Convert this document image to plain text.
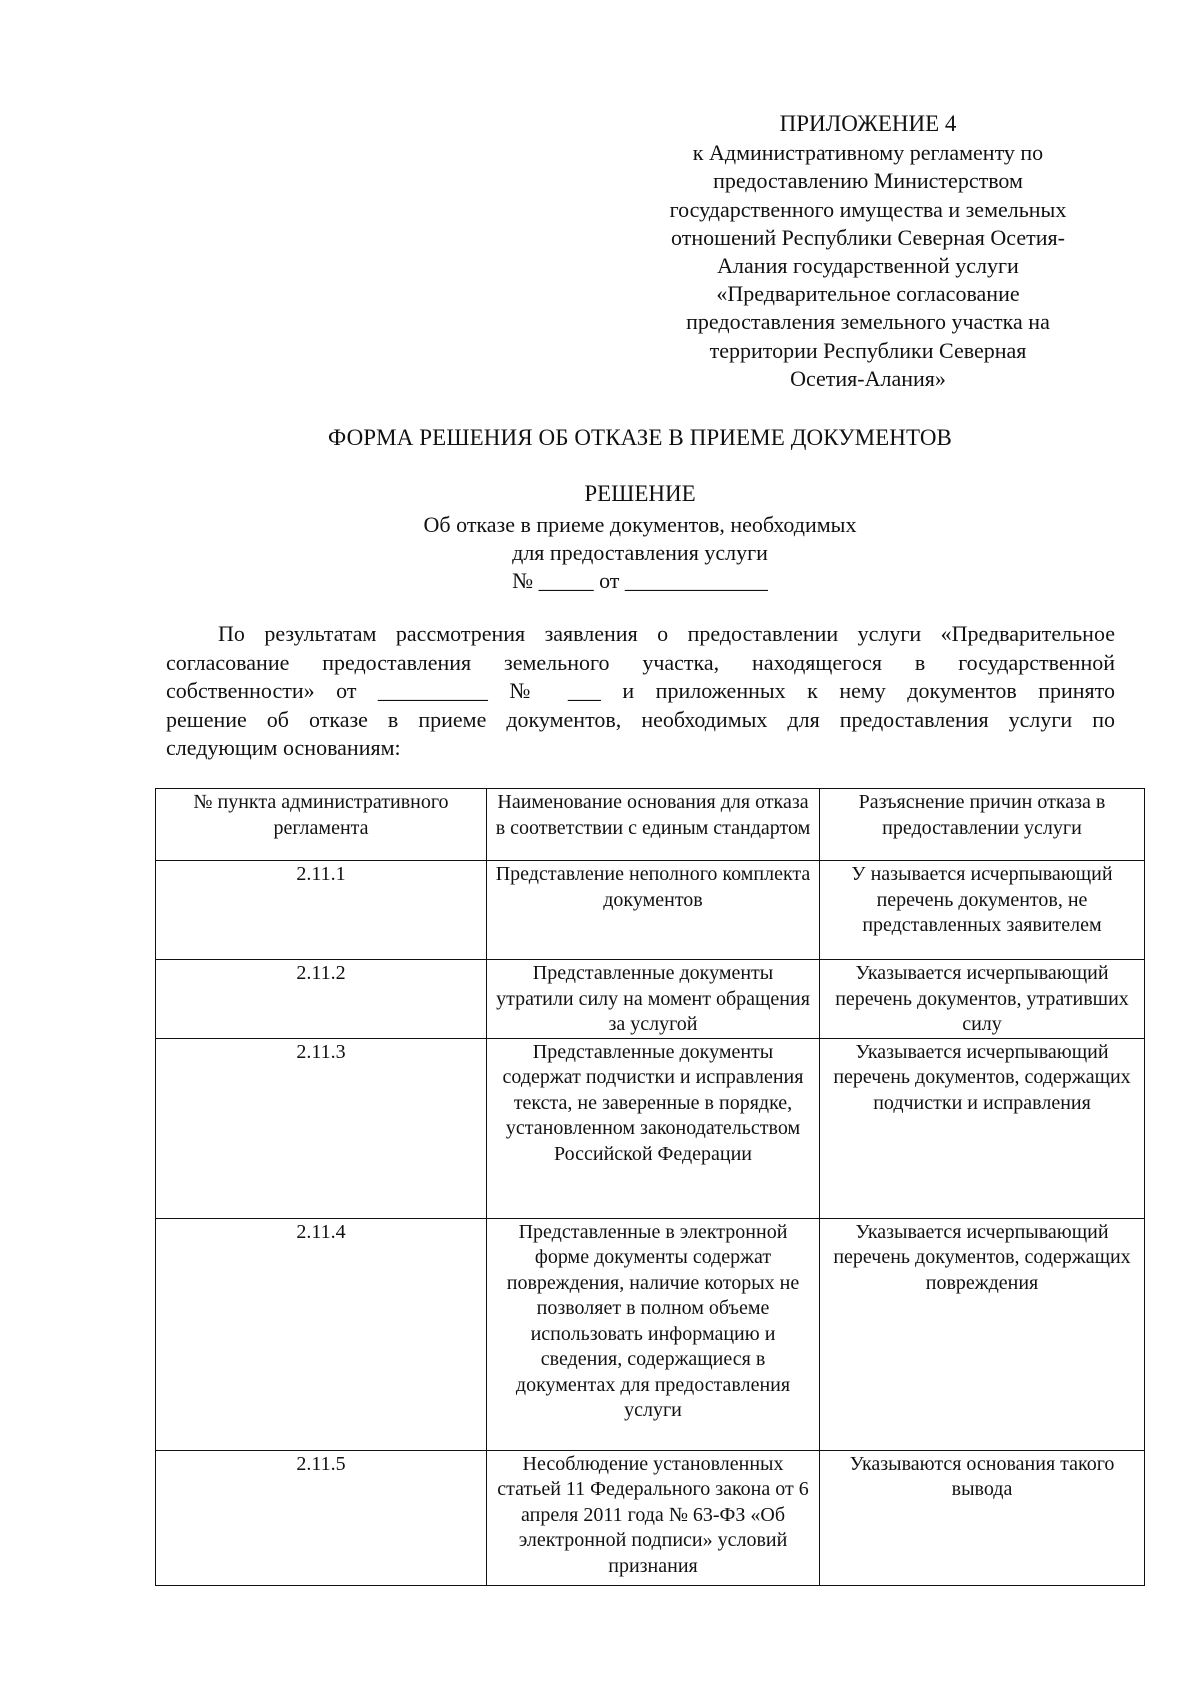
ПРИЛОЖЕНИЕ 4
к Административному регламенту по
предоставлению Министерством
государственного имущества и земельных
отношений Республики Северная Осетия-
Алания государственной услуги
«Предварительное согласование
предоставления земельного участка на
территории Республики Северная
Осетия-Алания»
ФОРМА РЕШЕНИЯ ОБ ОТКАЗЕ В ПРИЕМЕ ДОКУМЕНТОВ
РЕШЕНИЕ
Об отказе в приеме документов, необходимых
для предоставления услуги
№ _____ от _____________
По результатам рассмотрения заявления о предоставлении услуги «Предварительное
согласование предоставления земельного участка, находящегося в государственной
собственности» от __________ № ___ и приложенных к нему документов принято
решение об отказе в приеме документов, необходимых для предоставления услуги по
следующим основаниям:
№ пункта административного регламента	Наименование основания для отказа в соответствии с единым стандартом	Разъяснение причин отказа в предоставлении услуги
2.11.1	Представление неполного комплекта документов	У называется исчерпывающий перечень документов, не представленных заявителем
2.11.2	Представленные документы утратили силу на момент обращения за услугой	Указывается исчерпывающий перечень документов, утративших силу
2.11.3	Представленные документы содержат подчистки и исправления текста, не заверенные в порядке, установленном законодательством Российской Федерации	Указывается исчерпывающий перечень документов, содержащих подчистки и исправления
2.11.4	Представленные в электронной форме документы содержат повреждения, наличие которых не позволяет в полном объеме использовать информацию и сведения, содержащиеся в документах для предоставления услуги	Указывается исчерпывающий перечень документов, содержащих повреждения
2.11.5	Несоблюдение установленных статьей 11 Федерального закона от 6 апреля 2011 года № 63-ФЗ «Об электронной подписи» условий признания	Указываются основания такого вывода
